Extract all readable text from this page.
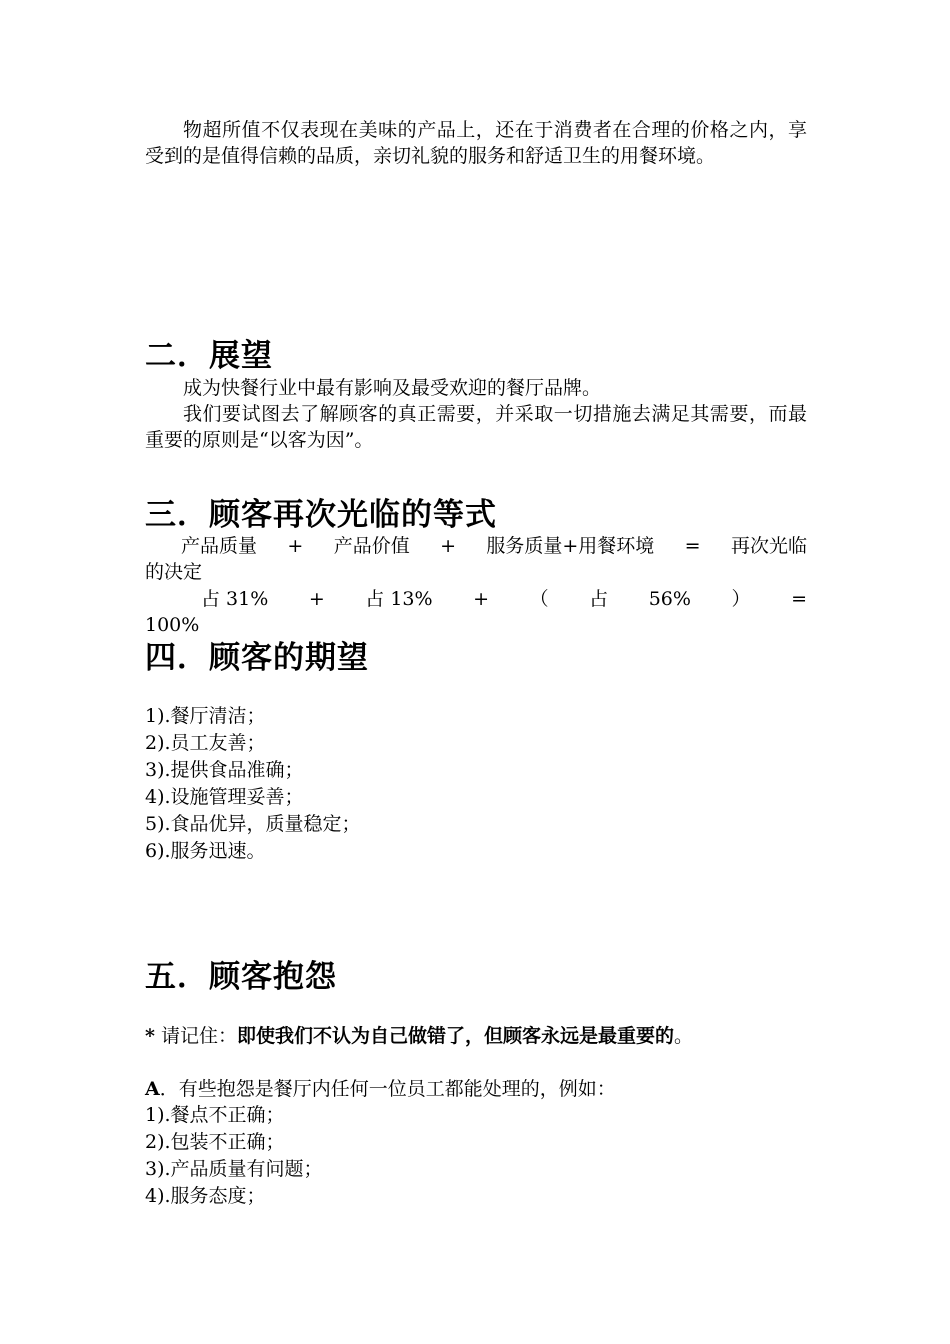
物超所值不仅表现在美味的产品上，还在于消费者在合理的价格之内，享受到的是值得信赖的品质，亲切礼貌的服务和舒适卫生的用餐环境。

二．展望

成为快餐行业中最有影响及最受欢迎的餐厅品牌。

我们要试图去了解顾客的真正需要，并采取一切措施去满足其需要，而最重要的原则是“以客为因”。

三．顾客再次光临的等式
产品质量 + 产品价值 + 服务质量+用餐环境 = 再次光临

的决定

占 31% + 占 13% + （ 占 56% ） =

100%

四．顾客的期望
1).餐厅清洁；
2).员工友善；
3).提供食品准确；
4).设施管理妥善；
5).食品优异，质量稳定；
6).服务迅速。
五．顾客抱怨

* 请记住：即使我们不认为自己做错了，但顾客永远是最重要的。

A．有些抱怨是餐厅内任何一位员工都能处理的，例如：

1).餐点不正确；
2).包装不正确；
3).产品质量有问题；
4).服务态度；
